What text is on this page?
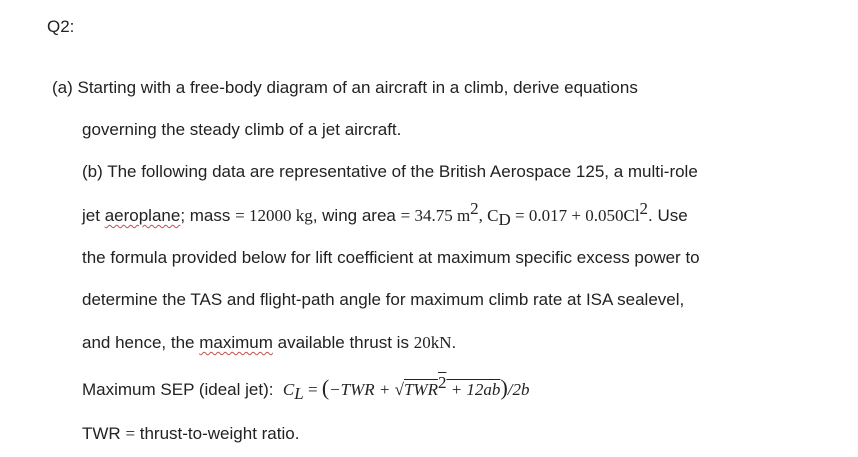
Q2:
(a) Starting with a free-body diagram of an aircraft in a climb, derive equations
governing the steady climb of a jet aircraft.
(b) The following data are representative of the British Aerospace 125, a multi-role
jet aeroplane; mass = 12000 kg, wing area = 34.75 $m^2$, $C_D = 0.017 + 0.050Cl^2$. Use
the formula provided below for lift coefficient at maximum specific excess power to
determine the TAS and flight-path angle for maximum climb rate at ISA sealevel,
and hence, the maximum available thrust is 20kN.
Maximum SEP (ideal jet): $C_L = (-TWR + √TWR^2 + 12ab)/2b$
TWR = thrust-to-weight ratio.
